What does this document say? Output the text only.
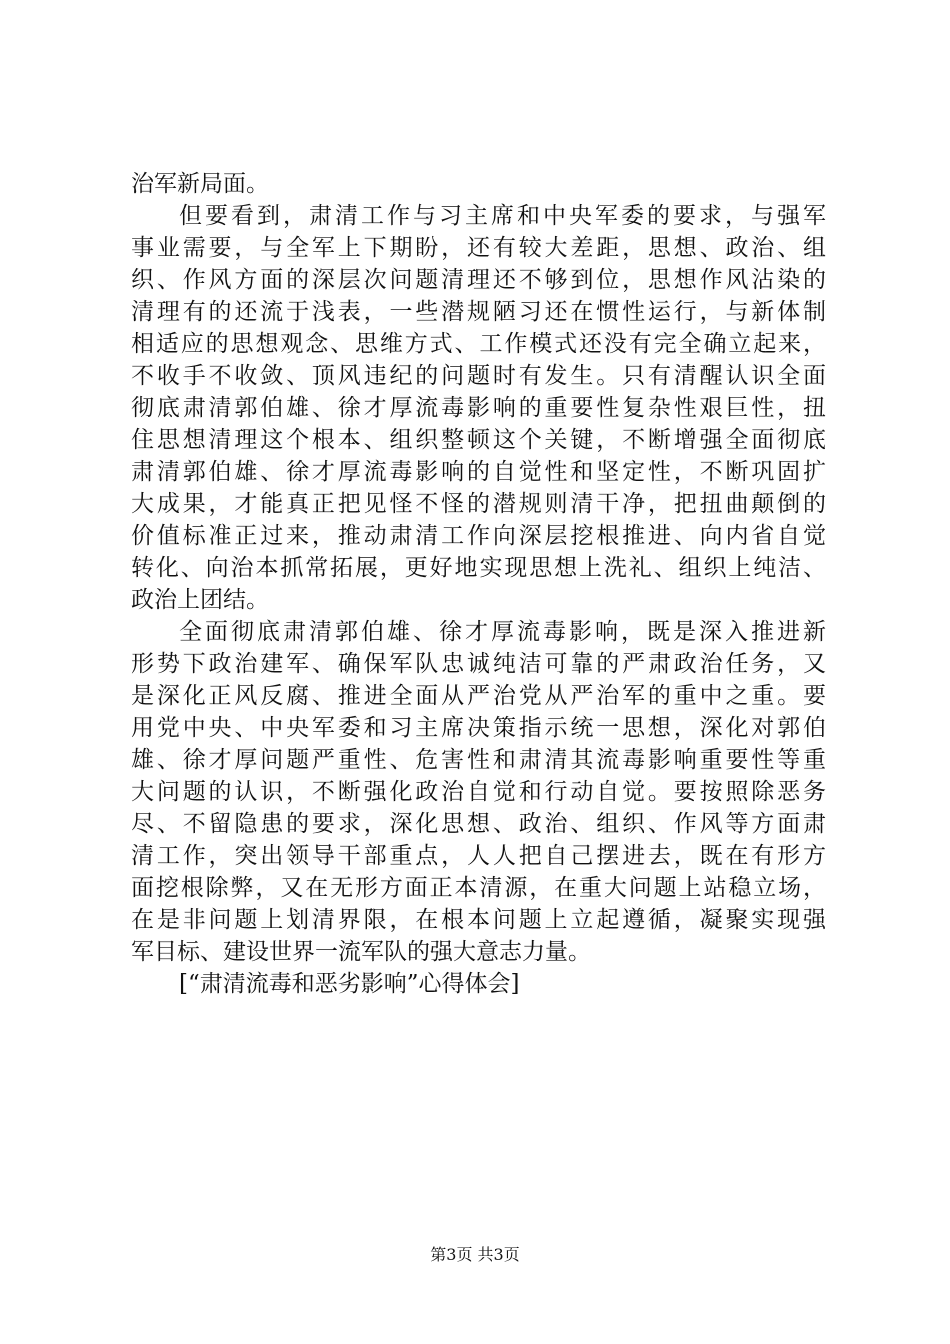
治军新局面。
但要看到，肃清工作与习主席和中央军委的要求，与强军
事业需要，与全军上下期盼，还有较大差距，思想、政治、组
织、作风方面的深层次问题清理还不够到位，思想作风沾染的
清理有的还流于浅表，一些潜规陋习还在惯性运行，与新体制
相适应的思想观念、思维方式、工作模式还没有完全确立起来，
不收手不收敛、顶风违纪的问题时有发生。只有清醒认识全面
彻底肃清郭伯雄、徐才厚流毒影响的重要性复杂性艰巨性，扭
住思想清理这个根本、组织整顿这个关键，不断增强全面彻底
肃清郭伯雄、徐才厚流毒影响的自觉性和坚定性，不断巩固扩
大成果，才能真正把见怪不怪的潜规则清干净，把扭曲颠倒的
价值标准正过来，推动肃清工作向深层挖根推进、向内省自觉
转化、向治本抓常拓展，更好地实现思想上洗礼、组织上纯洁、
政治上团结。
全面彻底肃清郭伯雄、徐才厚流毒影响，既是深入推进新
形势下政治建军、确保军队忠诚纯洁可靠的严肃政治任务，又
是深化正风反腐、推进全面从严治党从严治军的重中之重。要
用党中央、中央军委和习主席决策指示统一思想，深化对郭伯
雄、徐才厚问题严重性、危害性和肃清其流毒影响重要性等重
大问题的认识，不断强化政治自觉和行动自觉。要按照除恶务
尽、不留隐患的要求，深化思想、政治、组织、作风等方面肃
清工作，突出领导干部重点，人人把自己摆进去，既在有形方
面挖根除弊，又在无形方面正本清源，在重大问题上站稳立场，
在是非问题上划清界限，在根本问题上立起遵循，凝聚实现强
军目标、建设世界一流军队的强大意志力量。
[“肃清流毒和恶劣影响”心得体会]
第3页 共3页
